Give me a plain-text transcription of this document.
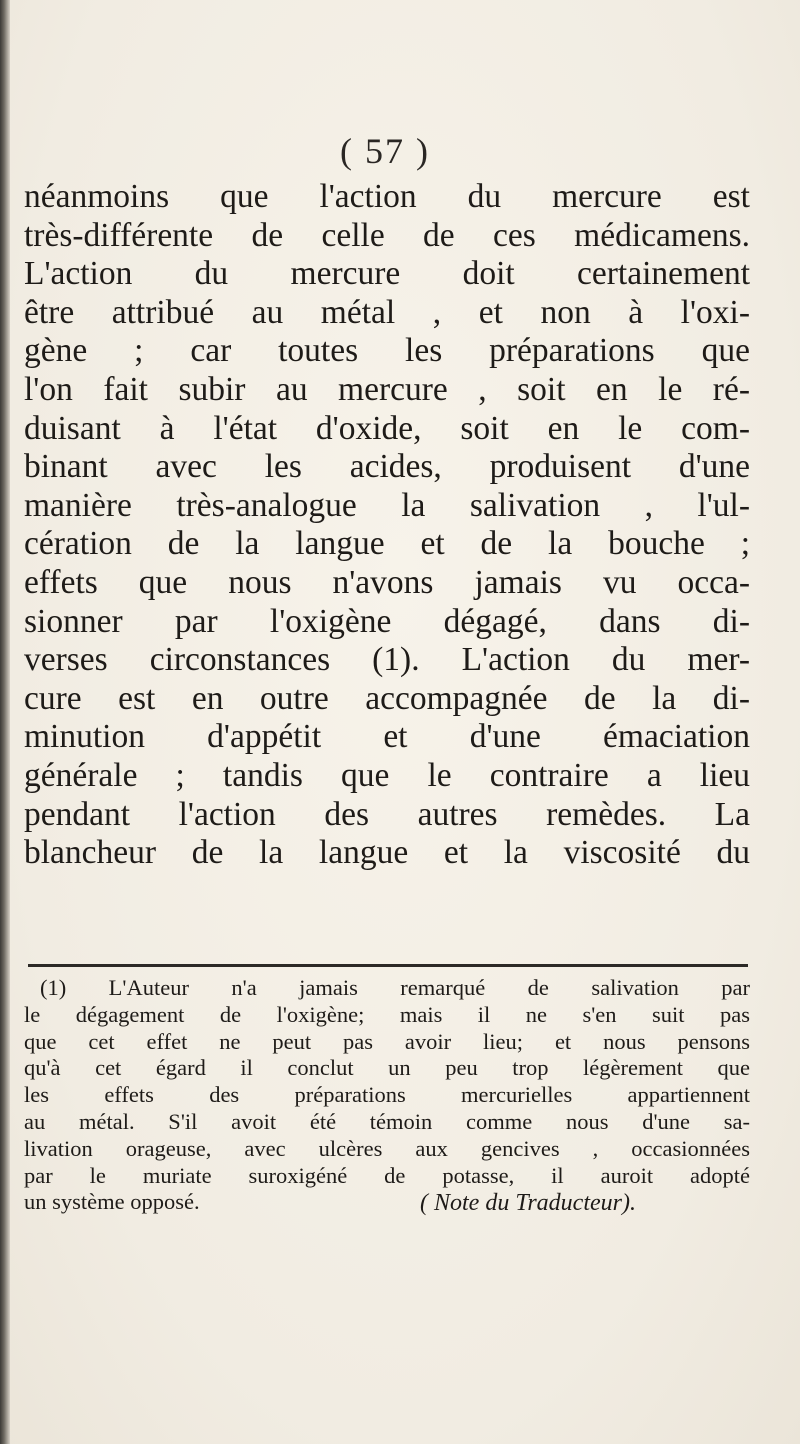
( 57 )
néanmoins que l'action du mercure est
très-différente de celle de ces médicamens.
L'action du mercure doit certainement
être attribué au métal , et non à l'oxi-
gène ; car toutes les préparations que
l'on fait subir au mercure , soit en le ré-
duisant à l'état d'oxide, soit en le com-
binant avec les acides, produisent d'une
manière très-analogue la salivation , l'ul-
cération de la langue et de la bouche ;
effets que nous n'avons jamais vu occa-
sionner par l'oxigène dégagé, dans di-
verses circonstances (1). L'action du mer-
cure est en outre accompagnée de la di-
minution d'appétit et d'une émaciation
générale ; tandis que le contraire a lieu
pendant l'action des autres remèdes. La
blancheur de la langue et la viscosité du
(1) L'Auteur n'a jamais remarqué de salivation par
le dégagement de l'oxigène; mais il ne s'en suit pas
que cet effet ne peut pas avoir lieu; et nous pensons
qu'à cet égard il conclut un peu trop légèrement que
les effets des préparations mercurielles appartiennent
au métal. S'il avoit été témoin comme nous d'une sa-
livation orageuse, avec ulcères aux gencives , occasionnées
par le muriate suroxigéné de potasse, il auroit adopté
un système opposé.	( Note du Traducteur).
